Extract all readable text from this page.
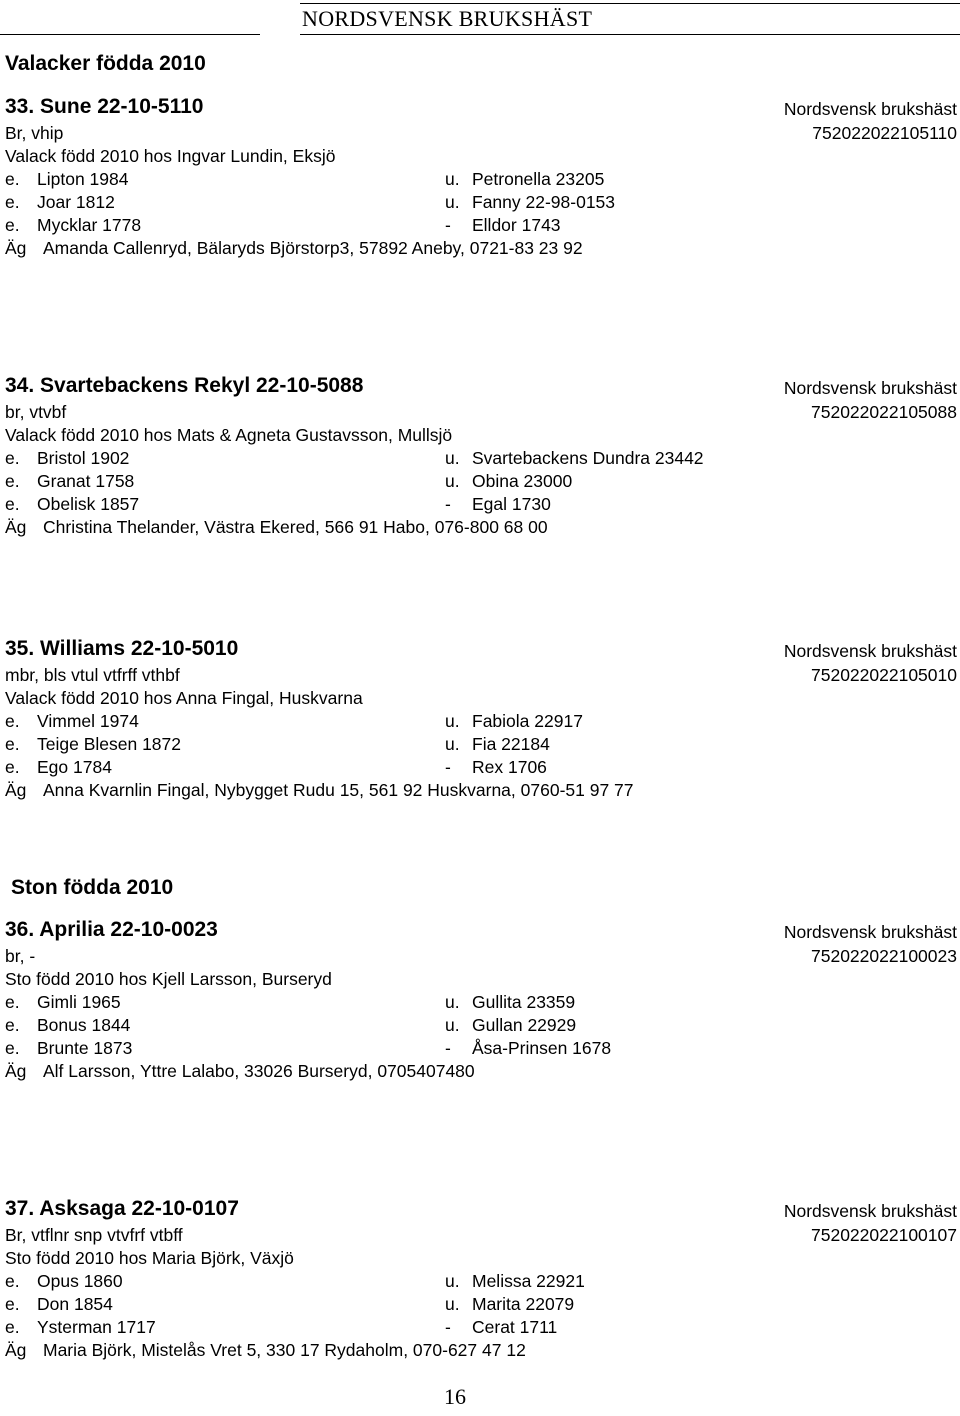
NORDSVENSK BRUKSHÄST
Valacker födda 2010
Ston födda 2010
33. Sune 22-10-5110	Nordsvensk brukshäst
Br, vhip	752022022105110
Valack född 2010 hos Ingvar Lundin, Eksjö
e. Lipton 1984	u. Petronella 23205
e. Joar 1812	u. Fanny 22-98-0153
e. Mycklar 1778	- Elldor 1743
Äg Amanda Callenryd, Bälaryds Björstorp3, 57892 Aneby, 0721-83 23 92
34. Svartebackens Rekyl 22-10-5088	Nordsvensk brukshäst
br, vtvbf	752022022105088
Valack född 2010 hos Mats & Agneta Gustavsson, Mullsjö
e. Bristol 1902	u. Svartebackens Dundra 23442
e. Granat 1758	u. Obina 23000
e. Obelisk 1857	- Egal 1730
Äg Christina Thelander, Västra Ekered, 566 91 Habo, 076-800 68 00
35. Williams 22-10-5010	Nordsvensk brukshäst
mbr, bls vtul vtfrff vthbf	752022022105010
Valack född 2010 hos Anna Fingal, Huskvarna
e. Vimmel 1974	u. Fabiola 22917
e. Teige Blesen 1872	u. Fia 22184
e. Ego 1784	- Rex 1706
Äg Anna Kvarnlin Fingal, Nybygget Rudu 15, 561 92 Huskvarna, 0760-51 97 77
36. Aprilia 22-10-0023	Nordsvensk brukshäst
br, -	752022022100023
Sto född 2010 hos Kjell Larsson, Burseryd
e. Gimli 1965	u. Gullita 23359
e. Bonus 1844	u. Gullan 22929
e. Brunte 1873	- Åsa-Prinsen 1678
Äg Alf Larsson, Yttre Lalabo, 33026 Burseryd, 0705407480
37. Asksaga 22-10-0107	Nordsvensk brukshäst
Br, vtflnr snp vtvfrf vtbff	752022022100107
Sto född 2010 hos Maria Björk, Växjö
e. Opus 1860	u. Melissa 22921
e. Don 1854	u. Marita 22079
e. Ysterman 1717	- Cerat 1711
Äg Maria Björk, Mistelås Vret 5, 330 17 Rydaholm, 070-627 47 12
16
